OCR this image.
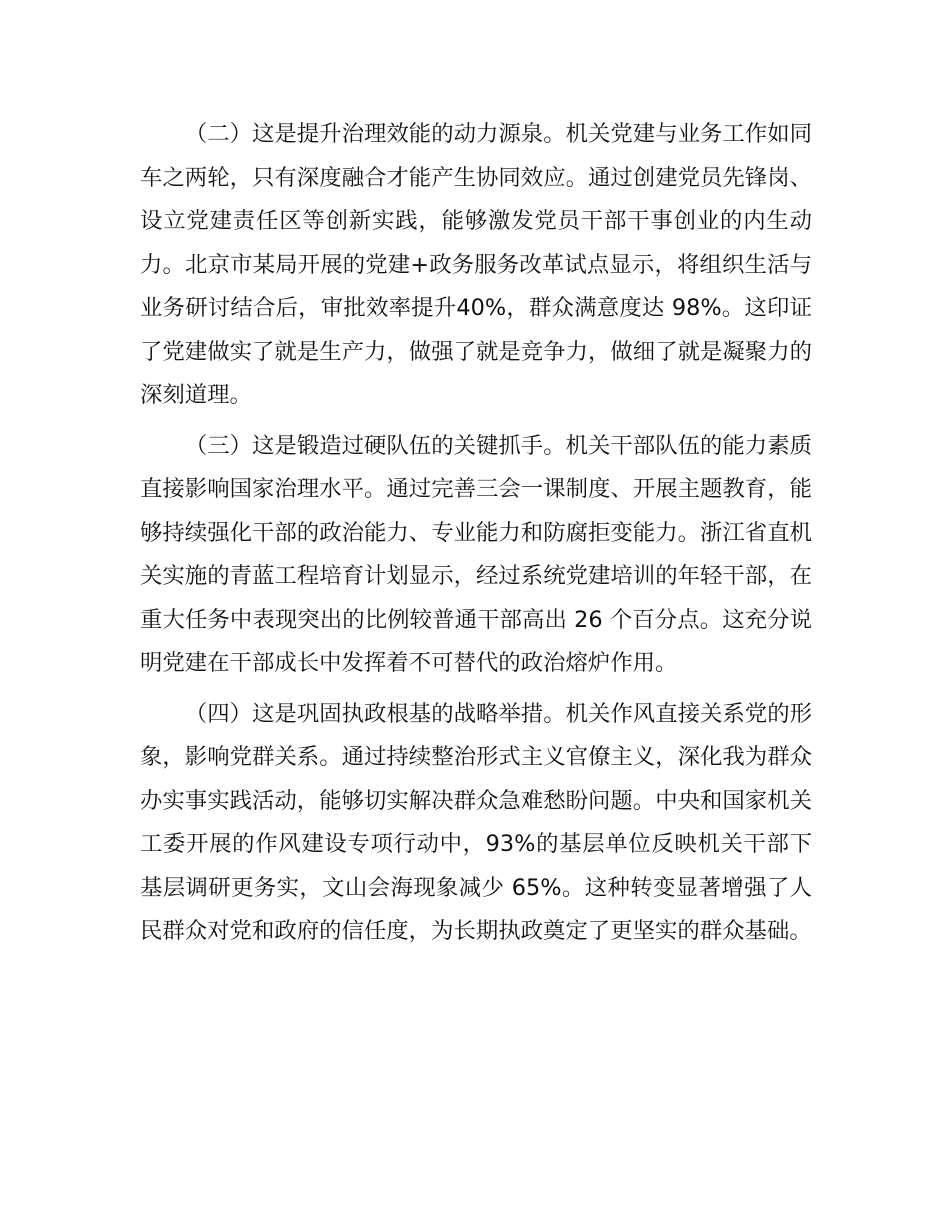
（二）这是提升治理效能的动力源泉。机关党建与业务工作如同车之两轮，只有深度融合才能产生协同效应。通过创建党员先锋岗、设立党建责任区等创新实践，能够激发党员干部干事创业的内生动力。北京市某局开展的党建+政务服务改革试点显示，将组织生活与业务研讨结合后，审批效率提升40%，群众满意度达 98%。这印证了党建做实了就是生产力，做强了就是竞争力，做细了就是凝聚力的深刻道理。

（三）这是锻造过硬队伍的关键抓手。机关干部队伍的能力素质直接影响国家治理水平。通过完善三会一课制度、开展主题教育，能够持续强化干部的政治能力、专业能力和防腐拒变能力。浙江省直机关实施的青蓝工程培育计划显示，经过系统党建培训的年轻干部，在重大任务中表现突出的比例较普通干部高出 26 个百分点。这充分说明党建在干部成长中发挥着不可替代的政治熔炉作用。

（四）这是巩固执政根基的战略举措。机关作风直接关系党的形象，影响党群关系。通过持续整治形式主义官僚主义，深化我为群众办实事实践活动，能够切实解决群众急难愁盼问题。中央和国家机关工委开展的作风建设专项行动中，93%的基层单位反映机关干部下基层调研更务实，文山会海现象减少 65%。这种转变显著增强了人民群众对党和政府的信任度，为长期执政奠定了更坚实的群众基础。
